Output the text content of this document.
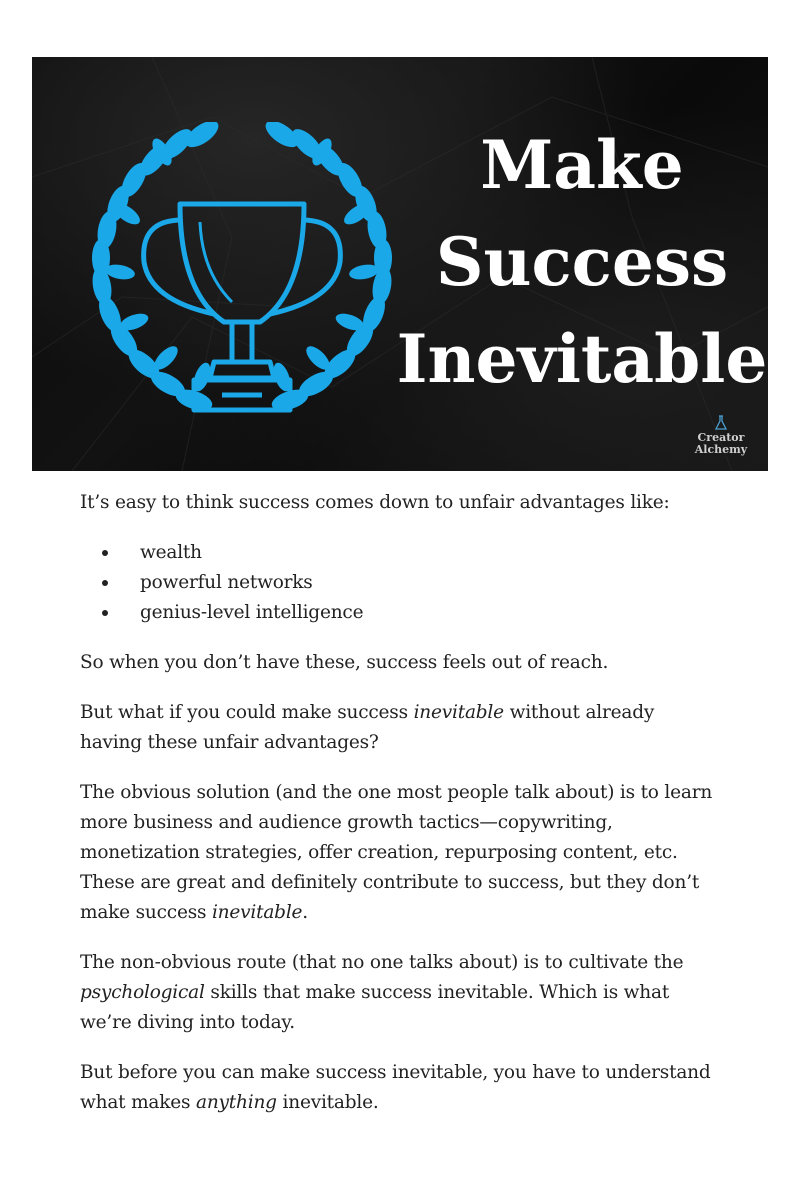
Make
Success
Inevitable
Creator
Alchemy

It’s easy to think success comes down to unfair advantages like:

wealth
powerful networks
genius-level intelligence

So when you don’t have these, success feels out of reach.

But what if you could make success inevitable without already having these unfair advantages?

The obvious solution (and the one most people talk about) is to learn more business and audience growth tactics—copywriting, monetization strategies, offer creation, repurposing content, etc. These are great and definitely contribute to success, but they don’t make success inevitable.

The non-obvious route (that no one talks about) is to cultivate the psychological skills that make success inevitable. Which is what we’re diving into today.

But before you can make success inevitable, you have to understand what makes anything inevitable.
